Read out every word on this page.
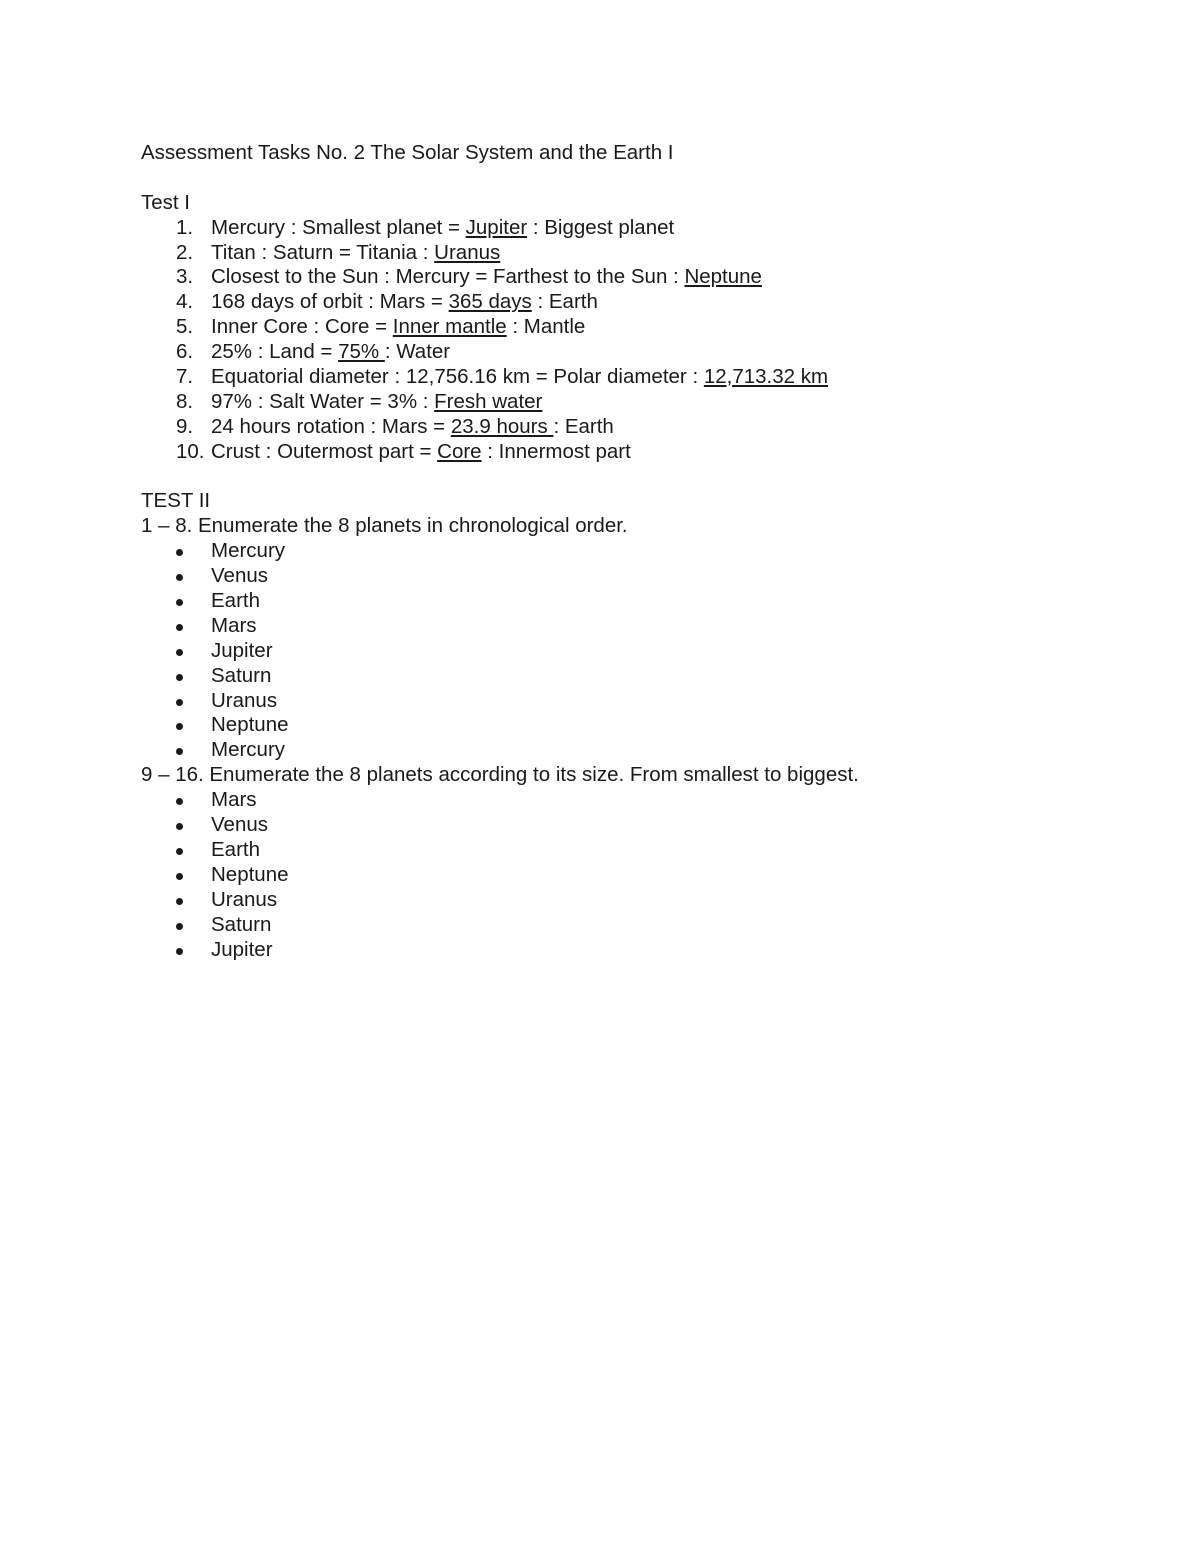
Assessment Tasks No. 2 The Solar System and the Earth I
Test I
1. Mercury : Smallest planet = Jupiter : Biggest planet
2. Titan : Saturn = Titania : Uranus
3. Closest to the Sun : Mercury = Farthest to the Sun : Neptune
4. 168 days of orbit : Mars = 365 days : Earth
5. Inner Core : Core = Inner mantle : Mantle
6. 25% : Land = 75% : Water
7. Equatorial diameter : 12,756.16 km = Polar diameter : 12,713.32 km
8. 97% : Salt Water = 3% : Fresh water
9. 24 hours rotation : Mars = 23.9 hours : Earth
10. Crust : Outermost part = Core : Innermost part
TEST II
1 – 8. Enumerate the 8 planets in chronological order.
Mercury
Venus
Earth
Mars
Jupiter
Saturn
Uranus
Neptune
Mercury
9 – 16. Enumerate the 8 planets according to its size. From smallest to biggest.
Mars
Venus
Earth
Neptune
Uranus
Saturn
Jupiter
